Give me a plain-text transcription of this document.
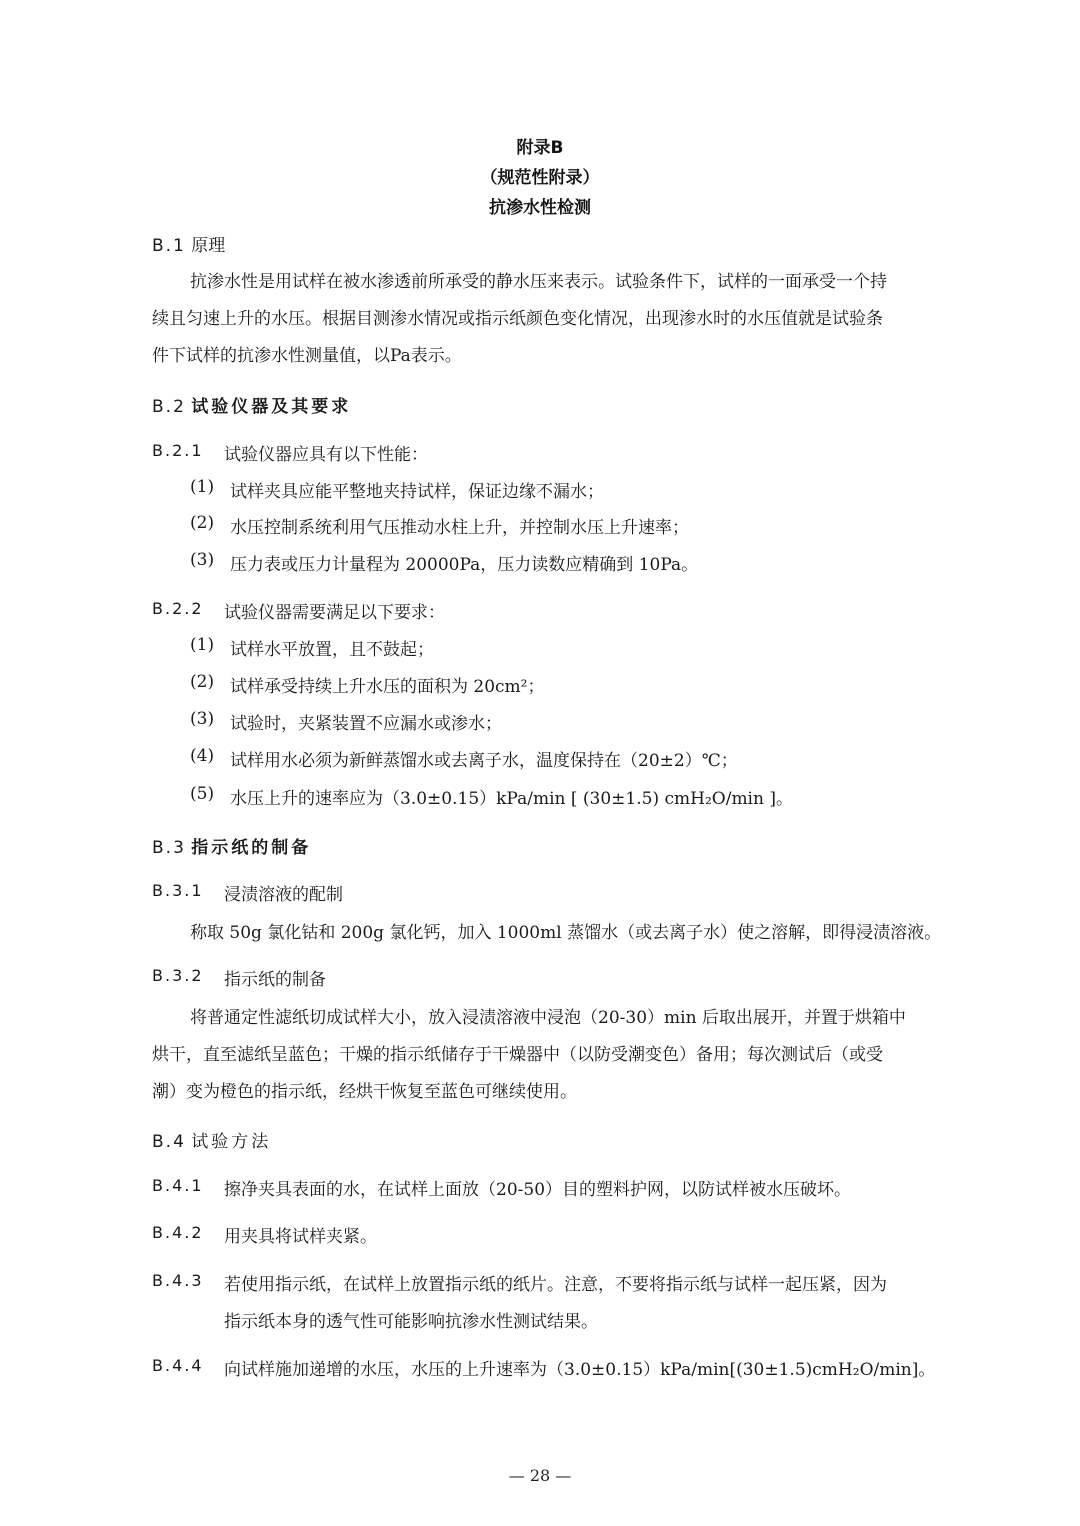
附录B
（规范性附录）
抗渗水性检测
B.1 原理
抗渗水性是用试样在被水渗透前所承受的静水压来表示。试验条件下，试样的一面承受一个持
续且匀速上升的水压。根据目测渗水情况或指示纸颜色变化情况，出现渗水时的水压值就是试验条
件下试样的抗渗水性测量值，以Pa表示。
B.2 试验仪器及其要求
B.2.1 试验仪器应具有以下性能：
(1) 试样夹具应能平整地夹持试样，保证边缘不漏水；
(2) 水压控制系统利用气压推动水柱上升，并控制水压上升速率；
(3) 压力表或压力计量程为 20000Pa，压力读数应精确到 10Pa。
B.2.2 试验仪器需要满足以下要求：
(1) 试样水平放置，且不鼓起；
(2) 试样承受持续上升水压的面积为 20cm²；
(3) 试验时，夹紧装置不应漏水或渗水；
(4) 试样用水必须为新鲜蒸馏水或去离子水，温度保持在（20±2）℃；
(5) 水压上升的速率应为（3.0±0.15）kPa/min [ (30±1.5) cmH₂O/min ]。
B.3 指示纸的制备
B.3.1 浸渍溶液的配制
称取 50g 氯化钴和 200g 氯化钙，加入 1000ml 蒸馏水（或去离子水）使之溶解，即得浸渍溶液。
B.3.2 指示纸的制备
将普通定性滤纸切成试样大小，放入浸渍溶液中浸泡（20-30）min 后取出展开，并置于烘箱中
烘干，直至滤纸呈蓝色；干燥的指示纸储存于干燥器中（以防受潮变色）备用；每次测试后（或受
潮）变为橙色的指示纸，经烘干恢复至蓝色可继续使用。
B.4 试验方法
B.4.1 擦净夹具表面的水，在试样上面放（20-50）目的塑料护网，以防试样被水压破坏。
B.4.2 用夹具将试样夹紧。
B.4.3 若使用指示纸，在试样上放置指示纸的纸片。注意，不要将指示纸与试样一起压紧，因为
指示纸本身的透气性可能影响抗渗水性测试结果。
B.4.4 向试样施加递增的水压，水压的上升速率为（3.0±0.15）kPa/min[(30±1.5)cmH₂O/min]。
— 28 —
